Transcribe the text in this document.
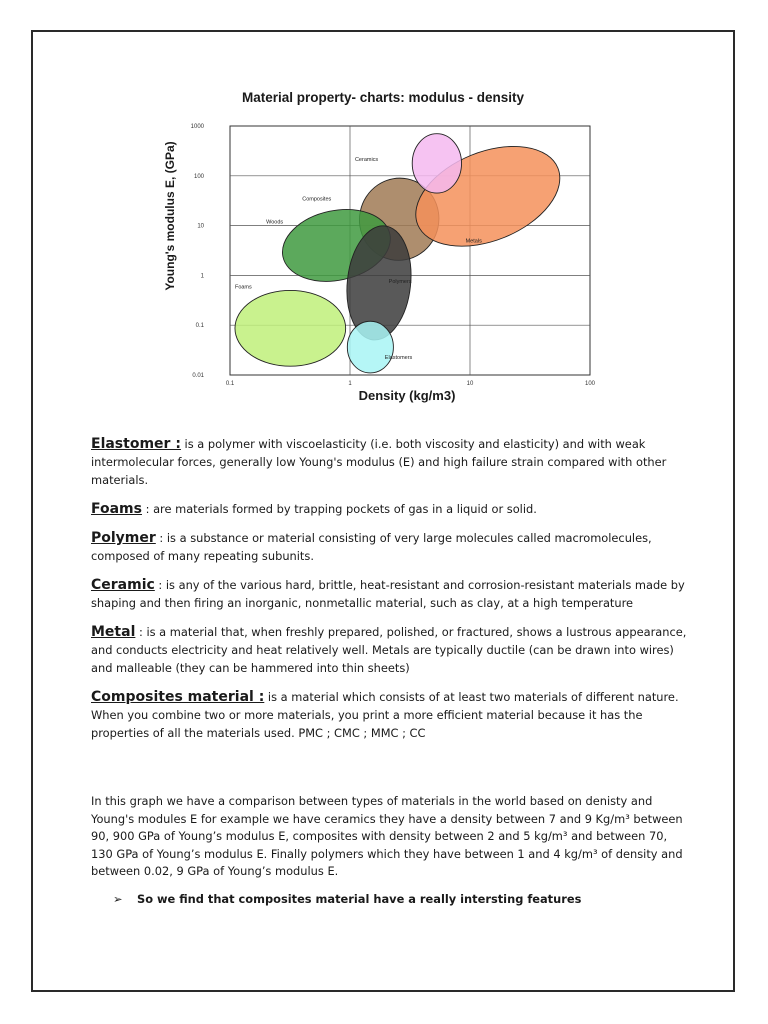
Material property- charts: modulus - density
Young's modulus E, (GPa)
Density (kg/m3)
Ceramics
Metals
Composites
Woods
Polymers
Foams
Elastomers
0.1	1	10	100
1000
100
10
1
0.1
0.01

Elastomer : is a polymer with viscoelasticity (i.e. both viscosity and elasticity) and with weak intermolecular forces, generally low Young's modulus (E) and high failure strain compared with other materials.

Foams : are materials formed by trapping pockets of gas in a liquid or solid.

Polymer : is a substance or material consisting of very large molecules called macromolecules, composed of many repeating subunits.

Ceramic : is any of the various hard, brittle, heat-resistant and corrosion-resistant materials made by shaping and then firing an inorganic, nonmetallic material, such as clay, at a high temperature

Metal : is a material that, when freshly prepared, polished, or fractured, shows a lustrous appearance, and conducts electricity and heat relatively well. Metals are typically ductile (can be drawn into wires) and malleable (they can be hammered into thin sheets)

Composites material : is a material which consists of at least two materials of different nature. When you combine two or more materials, you print a more efficient material because it has the properties of all the materials used. PMC ; CMC ; MMC ; CC

In this graph we have a comparison between types of materials in the world based on denisty and Young's modules E for example we have ceramics they have a density between 7 and 9 Kg/m³ between 90, 900 GPa of Young’s modulus E, composites with density between 2 and 5 kg/m³ and between 70, 130 GPa of Young’s modulus E. Finally polymers which they have between 1 and 4 kg/m³ of density and between 0.02, 9 GPa of Young’s modulus E.

➢ So we find that composites material have a really intersting features
